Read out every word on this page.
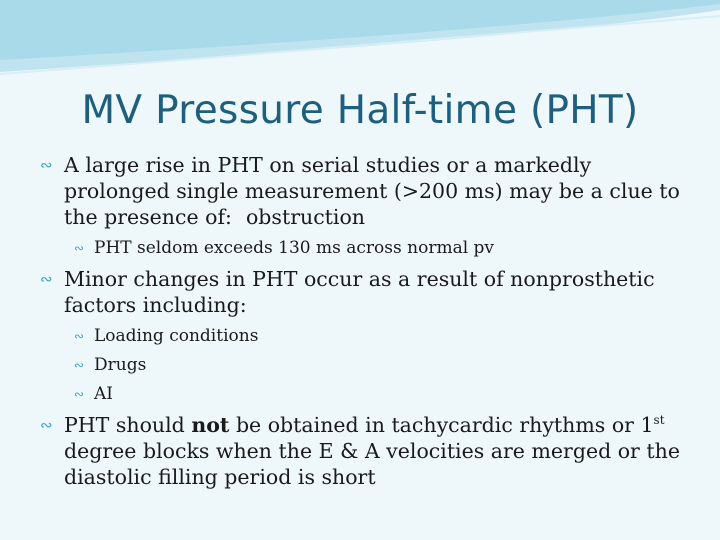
MV Pressure Half-time (PHT)

∾ A large rise in PHT on serial studies or a markedly prolonged single measurement (>200 ms) may be a clue to the presence of: obstruction

∾ PHT seldom exceeds 130 ms across normal pv

∾ Minor changes in PHT occur as a result of nonprosthetic factors including:

∾ Loading conditions

∾ Drugs

∾ AI

∾ PHT should not be obtained in tachycardic rhythms or 1st degree blocks when the E & A velocities are merged or the diastolic filling period is short
